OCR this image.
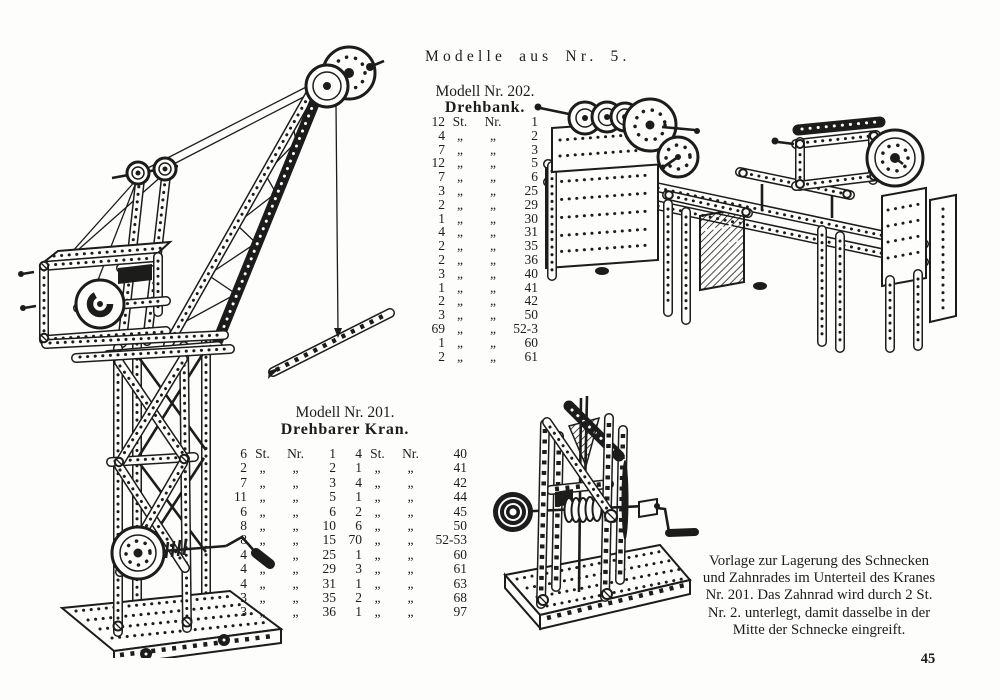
Modelle aus Nr. 5.
Modell Nr. 202.
Drehbank.
12 St.	Nr.	1
4 „	„	2
7 „	„	3
12 „	„	5
7 „	„	6
3 „	„	25
2 „	„	29
1 „	„	30
4 „	„	31
2 „	„	35
2 „	„	36
3 „	„	40
1 „	„	41
2 „	„	42
3 „	„	50
69 „	„	52-3
1 „	„	60
2 „	„	61
Modell Nr. 201.
Drehbarer Kran.
6 St.	Nr.	1
2 „	„	2
7 „	„	3
11 „	„	5
6 „	„	6
8 „	„	10
8 „	„	15
4 „	„	25
4 „	„	29
4 „	„	31
3 „	„	35
3 „	„	36
4 St.	Nr.	40
1 „	„	41
4 „	„	42
1 „	„	44
2 „	„	45
6 „	„	50
70 „	„	52-53
1 „	„	60
3 „	„	61
1 „	„	63
2 „	„	68
1 „	„	97
Vorlage zur Lagerung des Schnecken
und Zahnrades im Unterteil des Kranes
Nr. 201. Das Zahnrad wird durch 2 St.
Nr. 2. unterlegt, damit dasselbe in der
Mitte der Schnecke eingreift.
45
